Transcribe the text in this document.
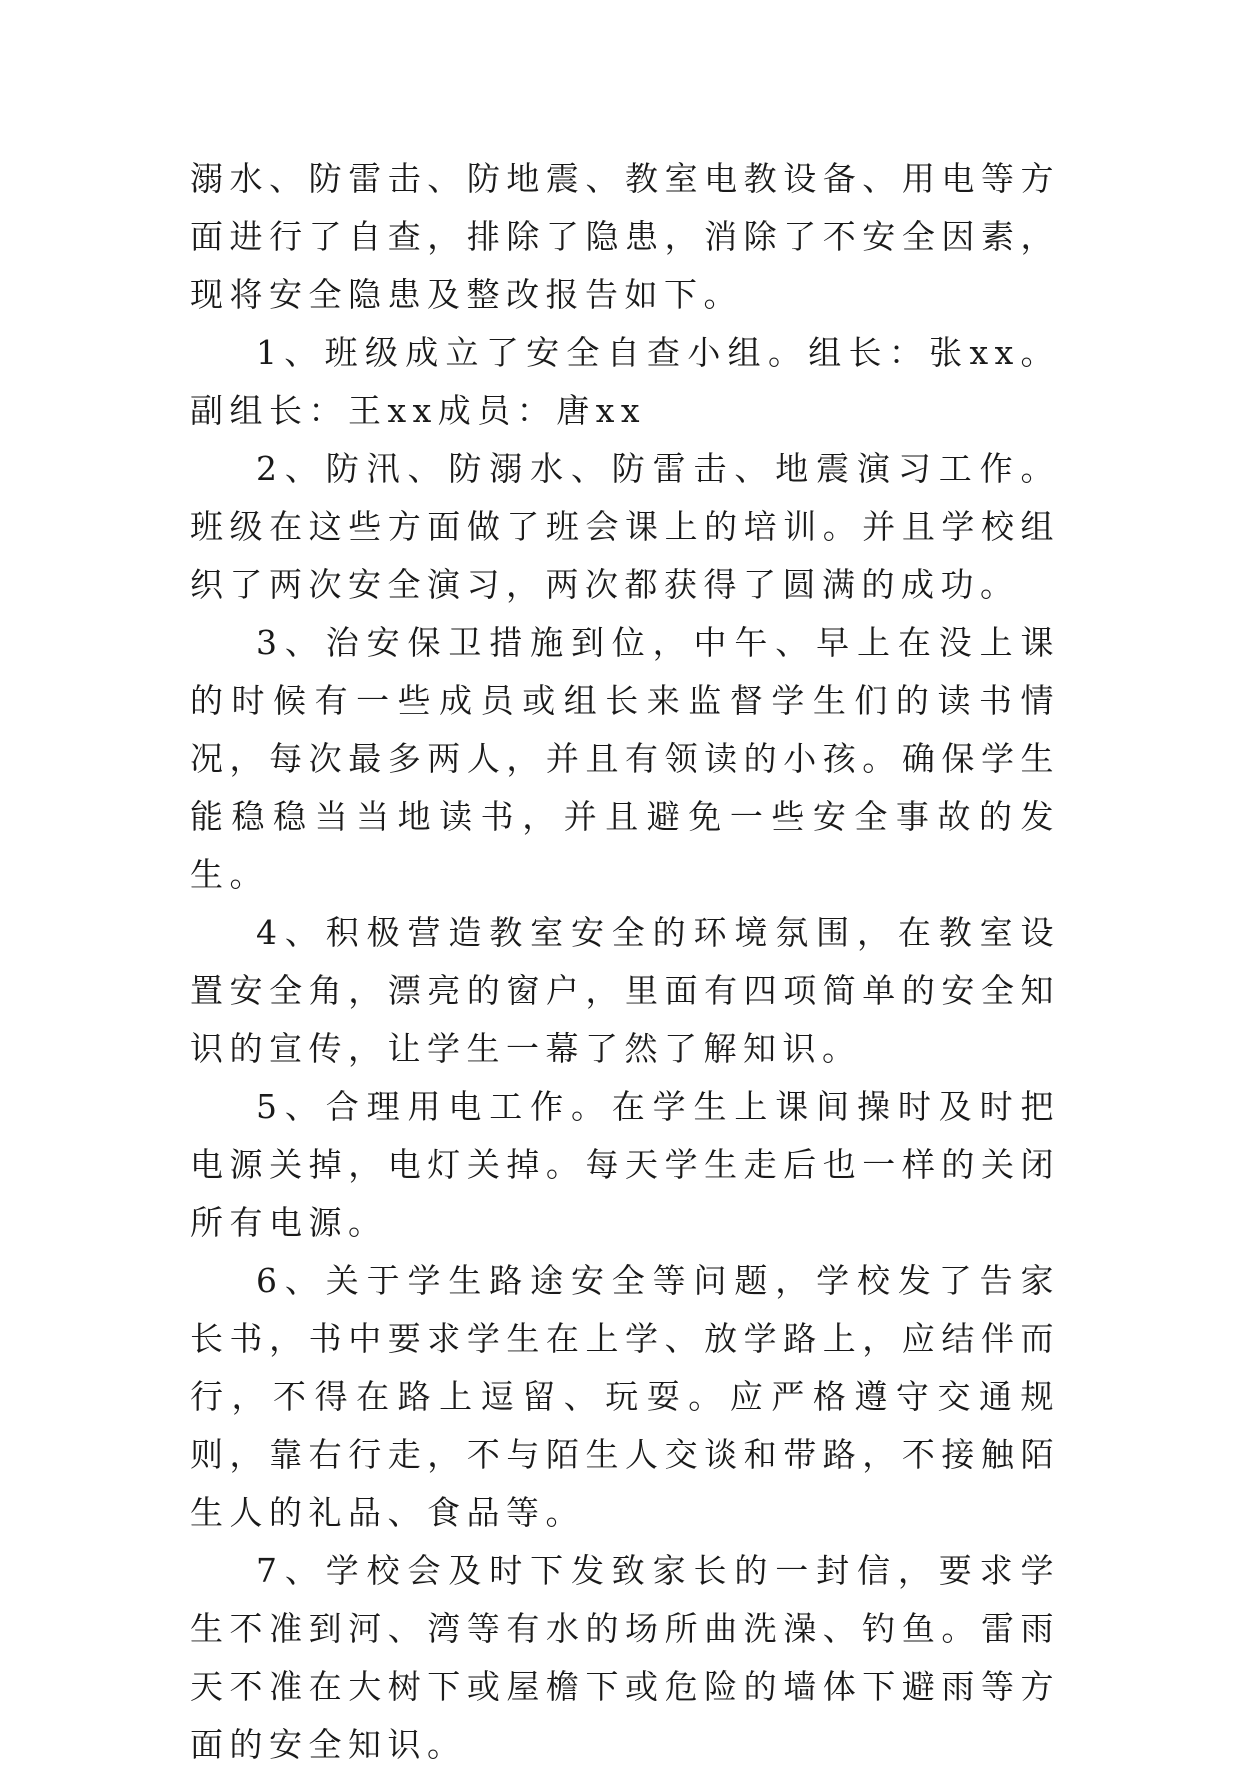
溺水、防雷击、防地震、教室电教设备、用电等方面进行了自查，排除了隐患，消除了不安全因素，现将安全隐患及整改报告如下。

1、班级成立了安全自查小组。组长：张xx。副组长：王xx成员：唐xx

2、防汛、防溺水、防雷击、地震演习工作。班级在这些方面做了班会课上的培训。并且学校组织了两次安全演习，两次都获得了圆满的成功。

3、治安保卫措施到位，中午、早上在没上课的时候有一些成员或组长来监督学生们的读书情况，每次最多两人，并且有领读的小孩。确保学生能稳稳当当地读书，并且避免一些安全事故的发生。

4、积极营造教室安全的环境氛围，在教室设置安全角，漂亮的窗户，里面有四项简单的安全知识的宣传，让学生一幕了然了解知识。

5、合理用电工作。在学生上课间操时及时把电源关掉，电灯关掉。每天学生走后也一样的关闭所有电源。

6、关于学生路途安全等问题，学校发了告家长书，书中要求学生在上学、放学路上，应结伴而行，不得在路上逗留、玩耍。应严格遵守交通规则，靠右行走，不与陌生人交谈和带路，不接触陌生人的礼品、食品等。

7、学校会及时下发致家长的一封信，要求学生不准到河、湾等有水的场所曲洗澡、钓鱼。雷雨天不准在大树下或屋檐下或危险的墙体下避雨等方面的安全知识。
